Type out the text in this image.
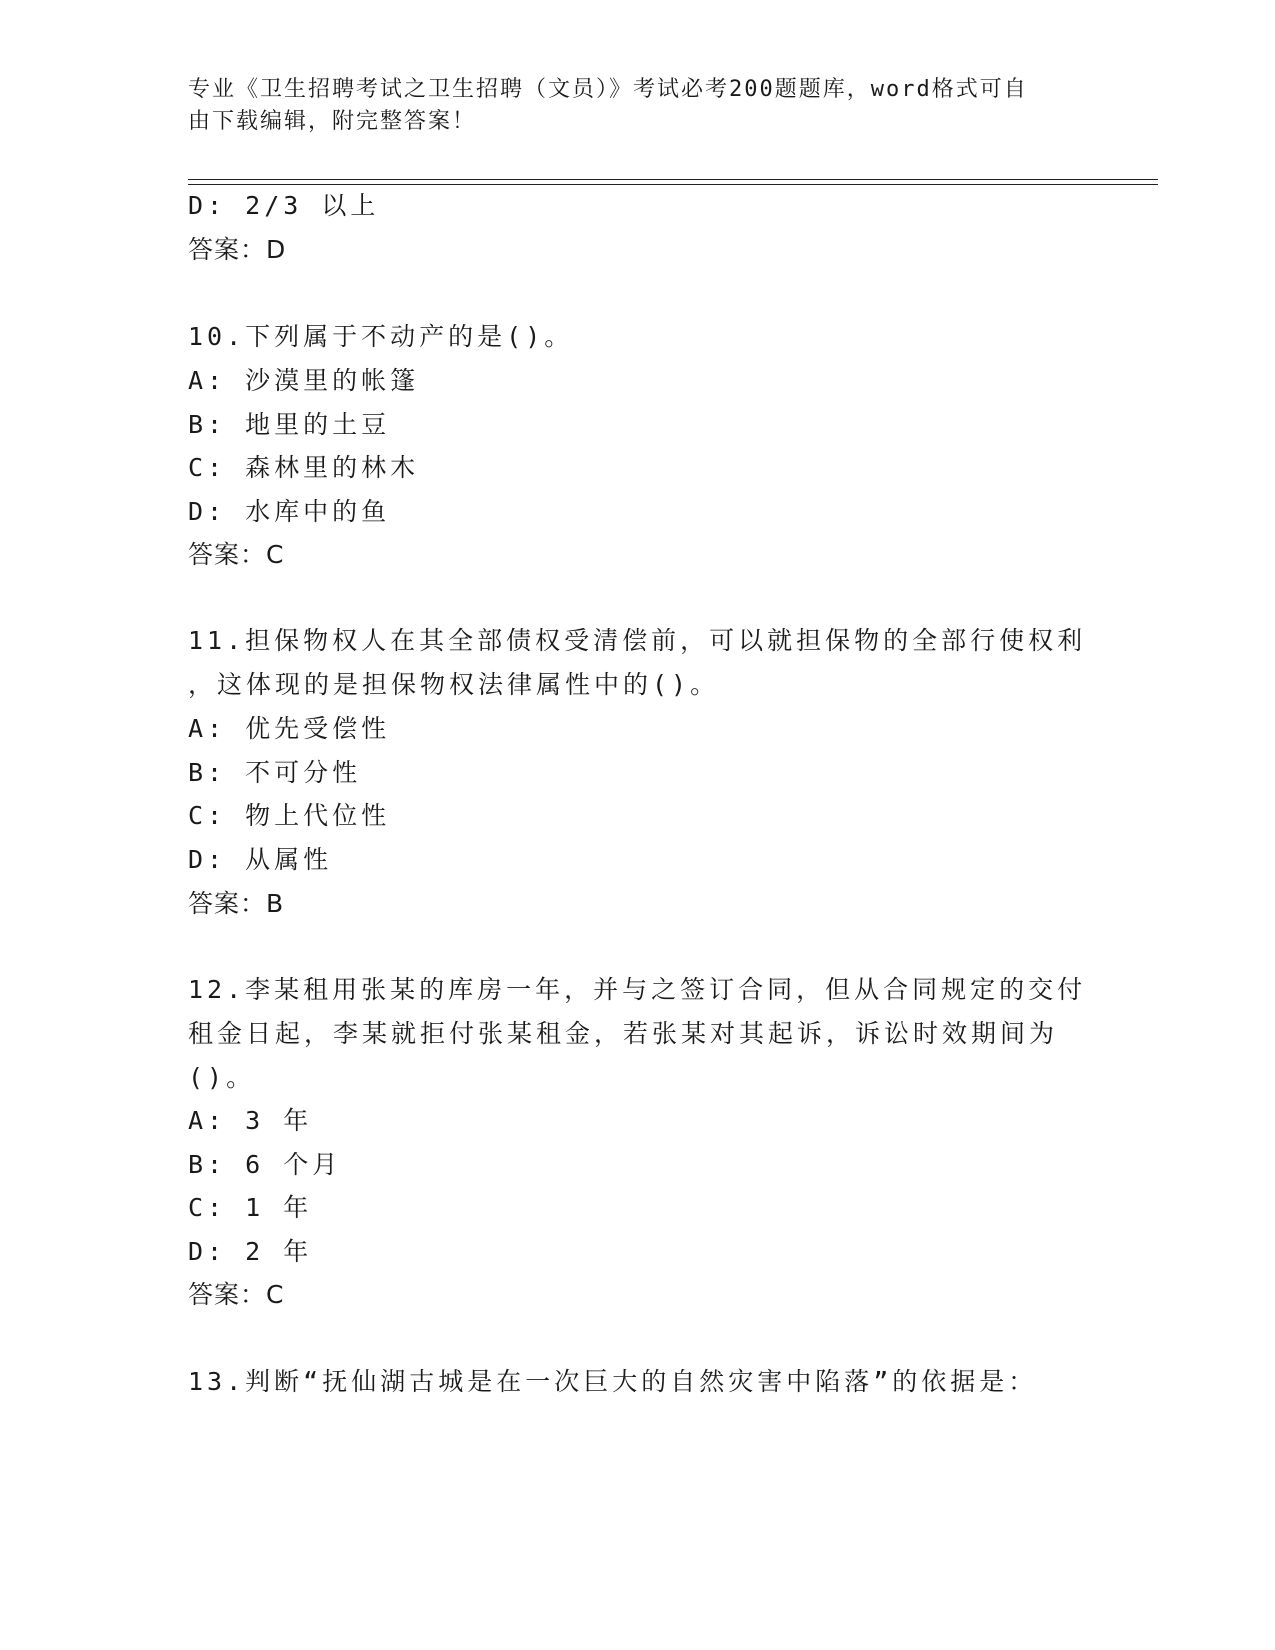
专业《卫生招聘考试之卫生招聘（文员）》考试必考200题题库，word格式可自
由下载编辑，附完整答案！
D: 2/3 以上
答案：D
10.下列属于不动产的是()。
A: 沙漠里的帐篷
B: 地里的土豆
C: 森林里的林木
D: 水库中的鱼
答案：C
11.担保物权人在其全部债权受清偿前，可以就担保物的全部行使权利
，这体现的是担保物权法律属性中的()。
A: 优先受偿性
B: 不可分性
C: 物上代位性
D: 从属性
答案：B
12.李某租用张某的库房一年，并与之签订合同，但从合同规定的交付
租金日起，李某就拒付张某租金，若张某对其起诉，诉讼时效期间为
()。
A: 3 年
B: 6 个月
C: 1 年
D: 2 年
答案：C
13.判断“抚仙湖古城是在一次巨大的自然灾害中陷落”的依据是：
